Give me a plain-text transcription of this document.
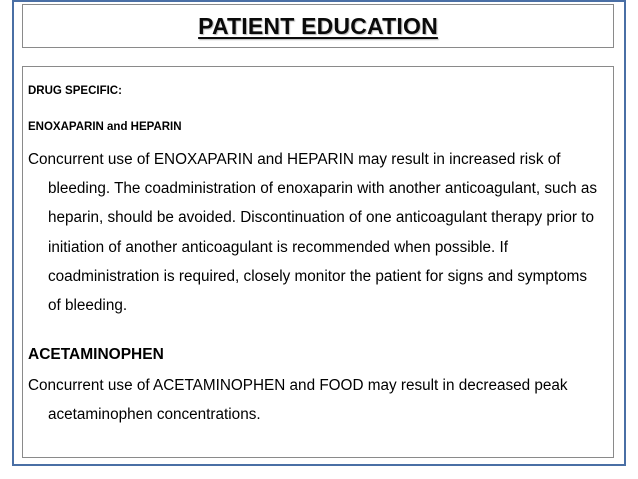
PATIENT EDUCATION
DRUG SPECIFIC:
ENOXAPARIN and HEPARIN

Concurrent use of ENOXAPARIN and HEPARIN may result in increased risk of bleeding. The coadministration of enoxaparin with another anticoagulant, such as heparin, should be avoided. Discontinuation of one anticoagulant therapy prior to initiation of another anticoagulant is recommended when possible. If coadministration is required, closely monitor the patient for signs and symptoms of bleeding.

ACETAMINOPHEN

Concurrent use of ACETAMINOPHEN and FOOD may result in decreased peak acetaminophen concentrations.
